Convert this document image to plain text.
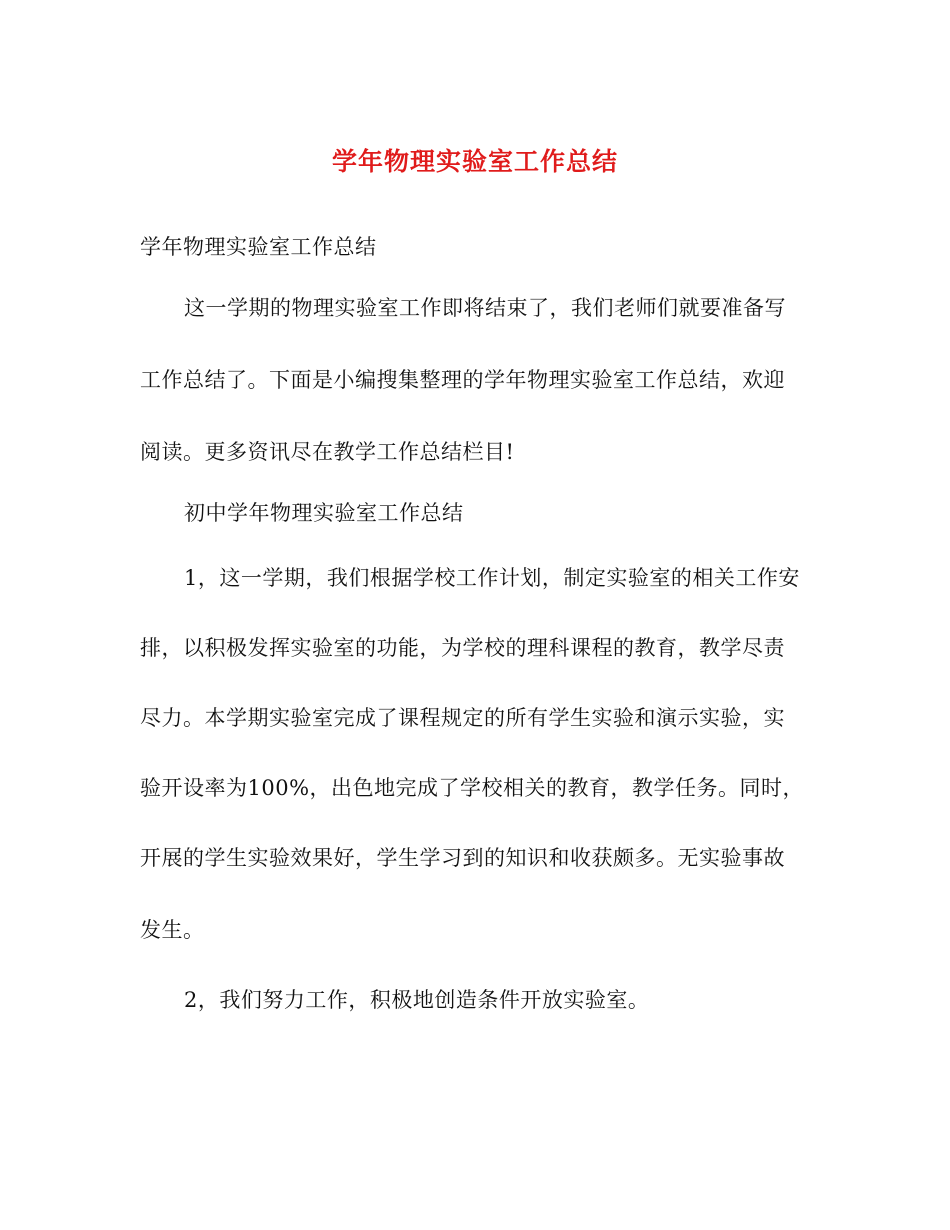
学年物理实验室工作总结
学年物理实验室工作总结
这一学期的物理实验室工作即将结束了，我们老师们就要准备写
工作总结了。下面是小编搜集整理的学年物理实验室工作总结，欢迎
阅读。更多资讯尽在教学工作总结栏目!
初中学年物理实验室工作总结
1，这一学期，我们根据学校工作计划，制定实验室的相关工作安
排，以积极发挥实验室的功能，为学校的理科课程的教育，教学尽责
尽力。本学期实验室完成了课程规定的所有学生实验和演示实验，实
验开设率为100%，出色地完成了学校相关的教育，教学任务。同时，
开展的学生实验效果好，学生学习到的知识和收获颇多。无实验事故
发生。
2，我们努力工作，积极地创造条件开放实验室。
